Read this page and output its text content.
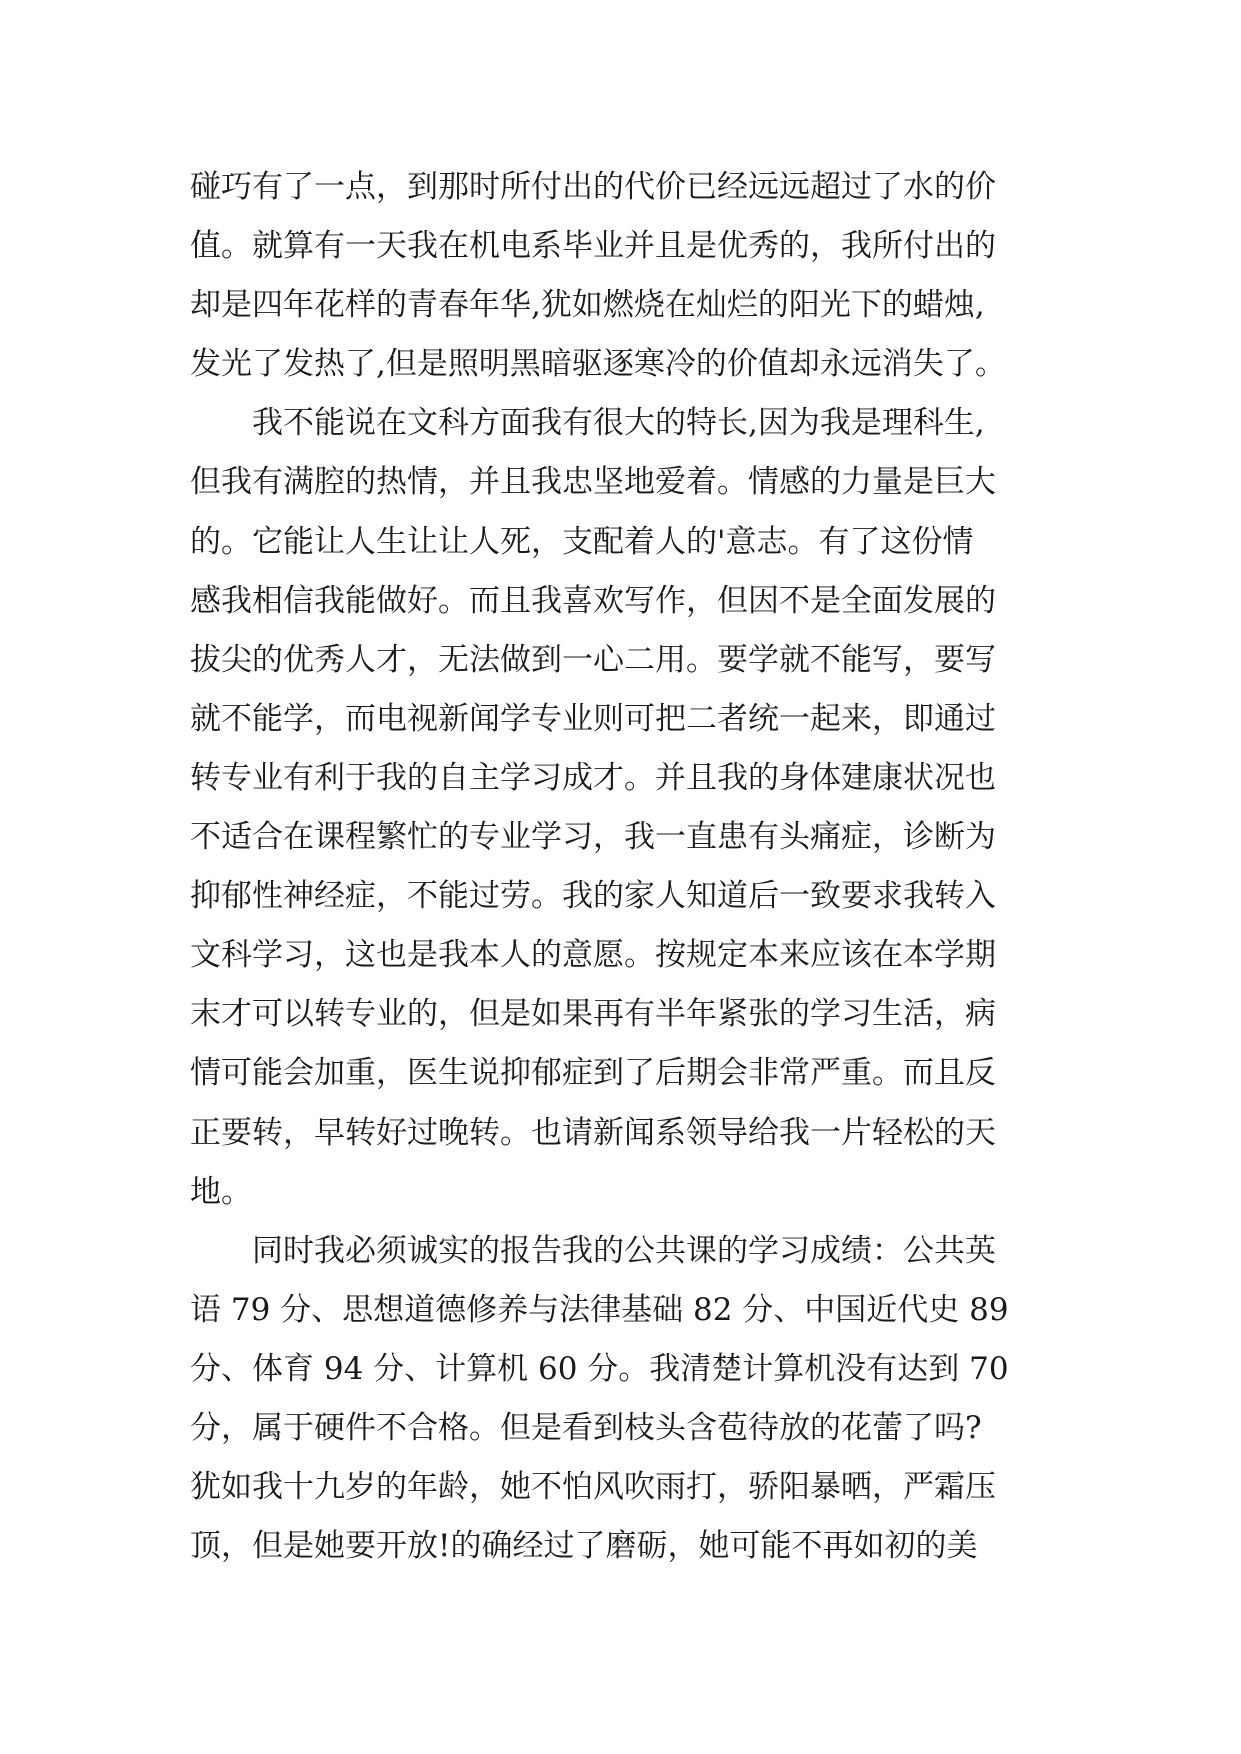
碰巧有了一点，到那时所付出的代价已经远远超过了水的价
值。就算有一天我在机电系毕业并且是优秀的，我所付出的
却是四年花样的青春年华,犹如燃烧在灿烂的阳光下的蜡烛,
发光了发热了,但是照明黑暗驱逐寒冷的价值却永远消失了。
　　我不能说在文科方面我有很大的特长,因为我是理科生,
但我有满腔的热情，并且我忠坚地爱着。情感的力量是巨大
的。它能让人生让让人死，支配着人的'意志。有了这份情
感我相信我能做好。而且我喜欢写作，但因不是全面发展的
拔尖的优秀人才，无法做到一心二用。要学就不能写，要写
就不能学，而电视新闻学专业则可把二者统一起来，即通过
转专业有利于我的自主学习成才。并且我的身体建康状况也
不适合在课程繁忙的专业学习，我一直患有头痛症，诊断为
抑郁性神经症，不能过劳。我的家人知道后一致要求我转入
文科学习，这也是我本人的意愿。按规定本来应该在本学期
末才可以转专业的，但是如果再有半年紧张的学习生活，病
情可能会加重，医生说抑郁症到了后期会非常严重。而且反
正要转，早转好过晚转。也请新闻系领导给我一片轻松的天
地。
　　同时我必须诚实的报告我的公共课的学习成绩：公共英
语 79 分、思想道德修养与法律基础 82 分、中国近代史 89
分、体育 94 分、计算机 60 分。我清楚计算机没有达到 70
分，属于硬件不合格。但是看到枝头含苞待放的花蕾了吗?
犹如我十九岁的年龄，她不怕风吹雨打，骄阳暴晒，严霜压
顶，但是她要开放!的确经过了磨砺，她可能不再如初的美
